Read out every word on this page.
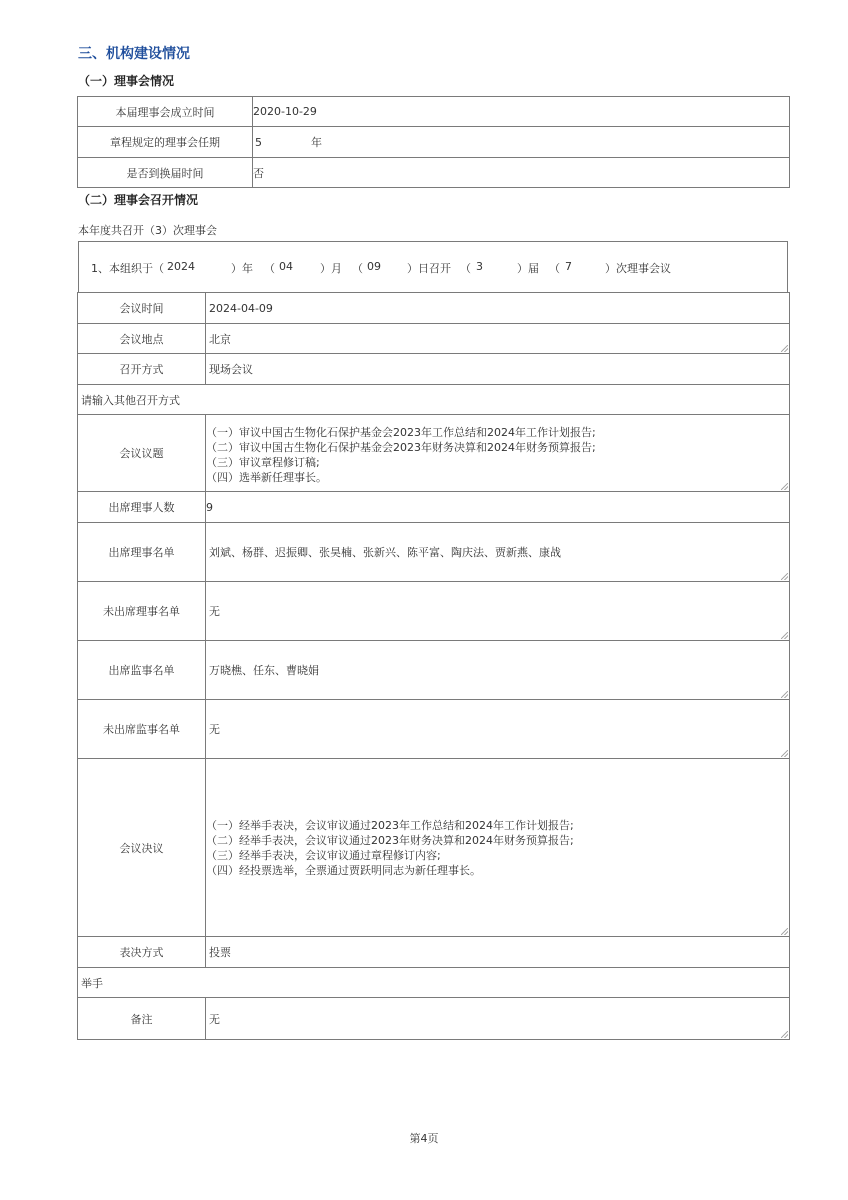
三、机构建设情况
（一）理事会情况
本届理事会成立时间	2020-10-29
章程规定的理事会任期	5 年
是否到换届时间	否
（二）理事会召开情况
本年度共召开（3）次理事会
1、本组织于 （ 2024	）年 （ 04 ）月 （ 09 ）日召开 （ 3	）届 （ 7	）次理事会议
会议时间	2024-04-09
会议地点	北京

召开方式	现场会议
请输入其他召开方式	
会议议题	（一）审议中国古生物化石保护基金会2023年工作总结和2024年工作计划报告;
（二）审议中国古生物化石保护基金会2023年财务决算和2024年财务预算报告;
（三）审议章程修订稿;
（四）选举新任理事长。

出席理事人数	9
出席理事名单	刘斌、杨群、迟振卿、张昊楠、张新兴、陈平富、陶庆法、贾新燕、康战

未出席理事名单	无

出席监事名单	万晓樵、任东、曹晓娟

未出席监事名单	无

会议决议	（一）经举手表决，会议审议通过2023年工作总结和2024年工作计划报告;
（二）经举手表决，会议审议通过2023年财务决算和2024年财务预算报告;
（三）经举手表决，会议审议通过章程修订内容;
（四）经投票选举，全票通过贾跃明同志为新任理事长。

表决方式	投票
举手	
备注	无
第4页
